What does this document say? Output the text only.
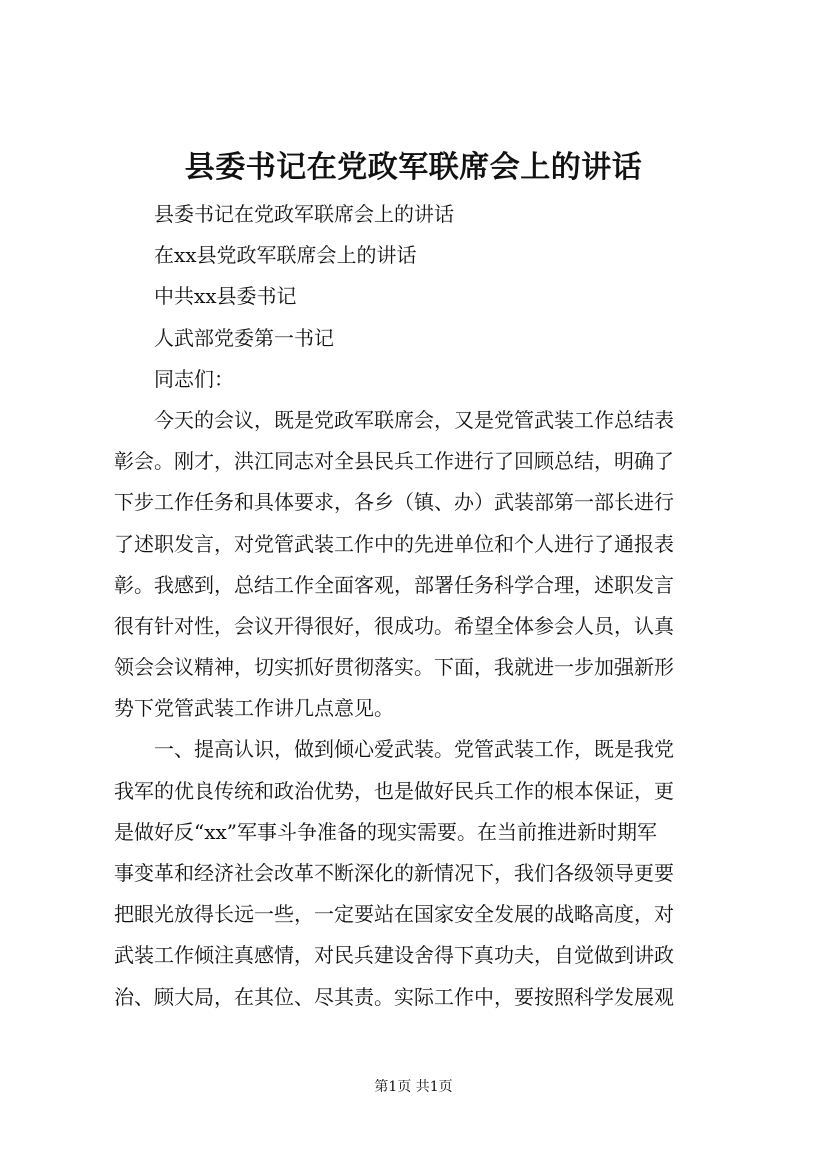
县委书记在党政军联席会上的讲话
县委书记在党政军联席会上的讲话
在xx县党政军联席会上的讲话
中共xx县委书记
人武部党委第一书记
同志们：
今天的会议，既是党政军联席会，又是党管武装工作总结表
彰会。刚才，洪江同志对全县民兵工作进行了回顾总结，明确了
下步工作任务和具体要求，各乡（镇、办）武装部第一部长进行
了述职发言，对党管武装工作中的先进单位和个人进行了通报表
彰。我感到，总结工作全面客观，部署任务科学合理，述职发言
很有针对性，会议开得很好，很成功。希望全体参会人员，认真
领会会议精神，切实抓好贯彻落实。下面，我就进一步加强新形
势下党管武装工作讲几点意见。
一、提高认识，做到倾心爱武装。党管武装工作，既是我党
我军的优良传统和政治优势，也是做好民兵工作的根本保证，更
是做好反“xx”军事斗争准备的现实需要。在当前推进新时期军
事变革和经济社会改革不断深化的新情况下，我们各级领导更要
把眼光放得长远一些，一定要站在国家安全发展的战略高度，对
武装工作倾注真感情，对民兵建设舍得下真功夫，自觉做到讲政
治、顾大局，在其位、尽其责。实际工作中，要按照科学发展观
第1页 共1页
